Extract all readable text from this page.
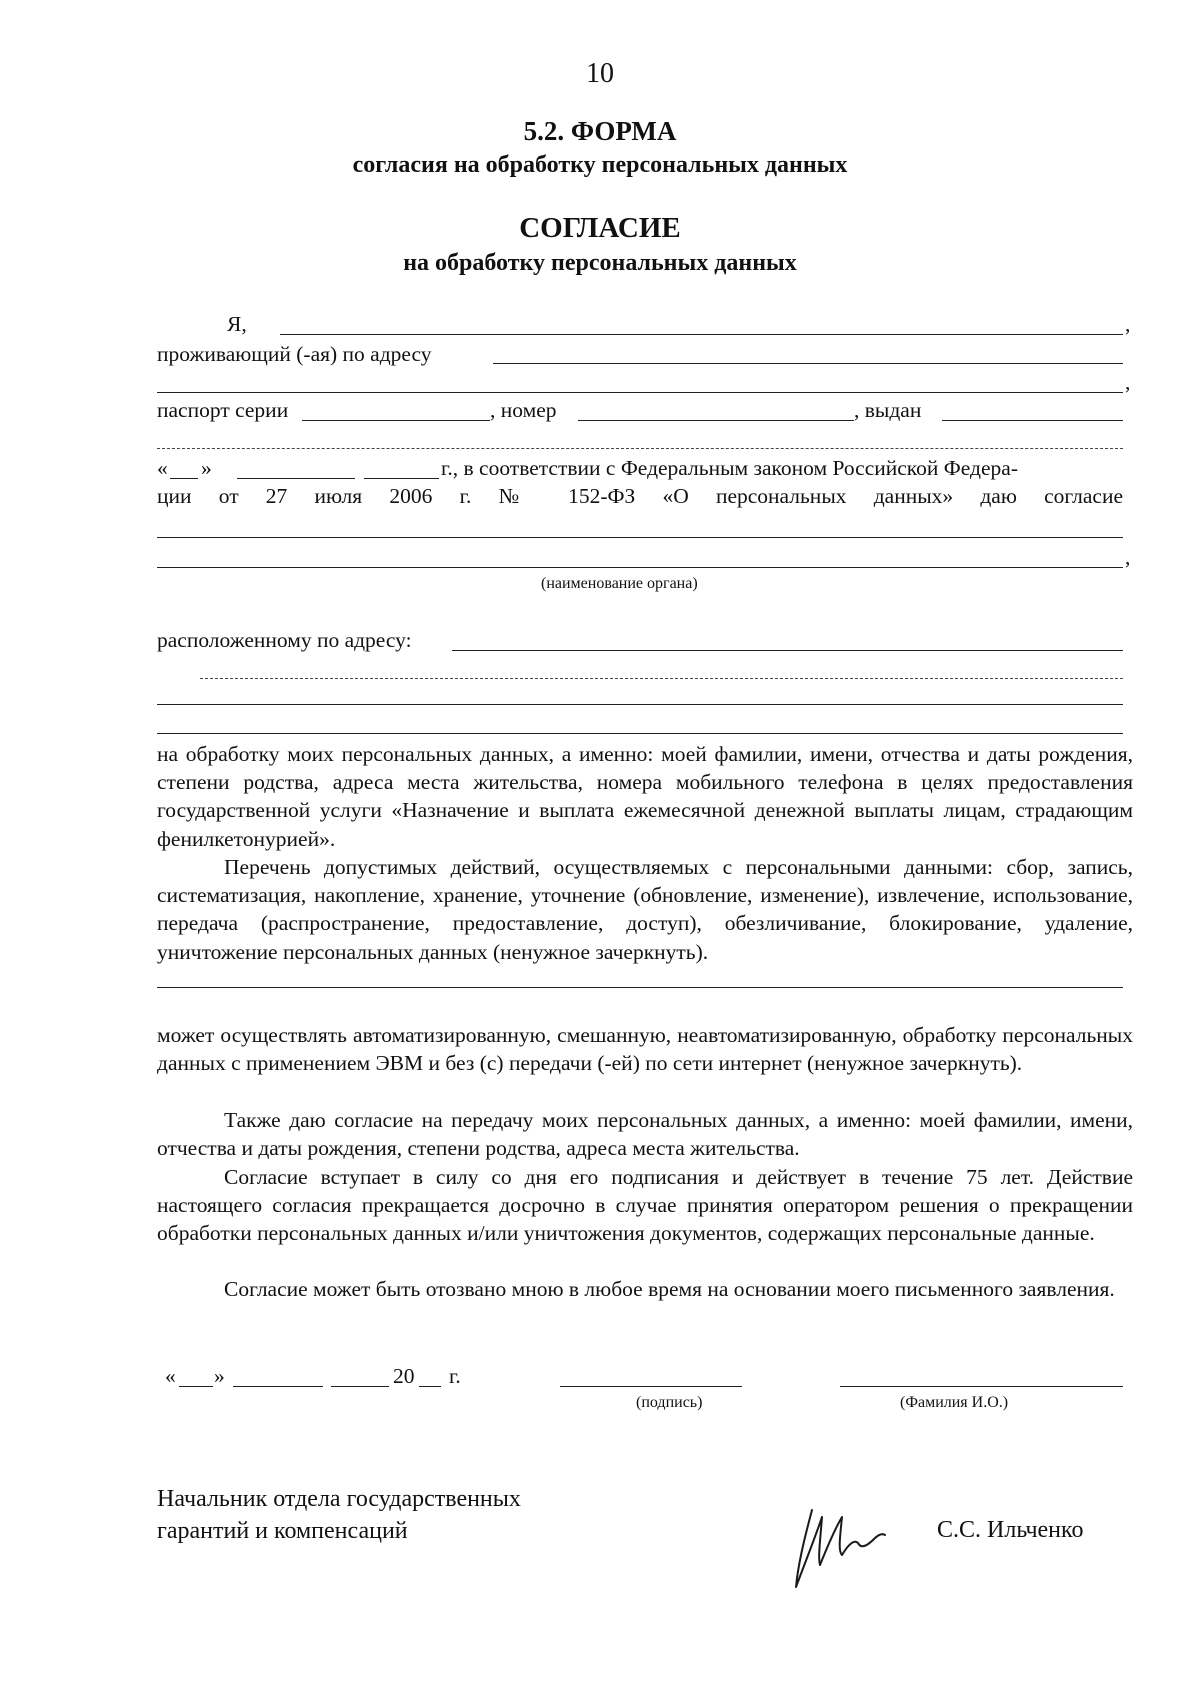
10
5.2. ФОРМА
согласия на обработку персональных данных
СОГЛАСИЕ
на обработку персональных данных
Я,	,
проживающий (-ая) по адресу
,
паспорт серии	, номер	, выдан
« »	г., в соответствии с Федеральным законом Российской Федера-
ции от 27 июля 2006 г. № 152-ФЗ «О персональных данных» даю согласие
,
(наименование органа)
расположенному по адресу:
на обработку моих персональных данных, а именно: моей фамилии, имени, отчества и даты рождения, степени родства, адреса места жительства, номера мобильного телефона в целях предоставления государственной услуги «Назначение и выплата ежемесячной денежной выплаты лицам, страдающим фенилкетонурией».
Перечень допустимых действий, осуществляемых с персональными данными: сбор, запись, систематизация, накопление, хранение, уточнение (обновление, изменение), извлечение, использование, передача (распространение, предоставление, доступ), обезличивание, блокирование, удаление, уничтожение персональных данных (ненужное зачеркнуть).
может осуществлять автоматизированную, смешанную, неавтоматизированную, обработку персональных данных с применением ЭВМ и без (с) передачи (-ей) по сети интернет (ненужное зачеркнуть).
Также даю согласие на передачу моих персональных данных, а именно: моей фамилии, имени, отчества и даты рождения, степени родства, адреса места жительства.
Согласие вступает в силу со дня его подписания и действует в течение 75 лет. Действие настоящего согласия прекращается досрочно в случае принятия оператором решения о прекращении обработки персональных данных и/или уничтожения документов, содержащих персональные данные.
Согласие может быть отозвано мною в любое время на основании моего письменного заявления.
« »	20 г.
(подпись)	(Фамилия И.О.)
Начальник отдела государственных
гарантий и компенсаций	С.С. Ильченко
